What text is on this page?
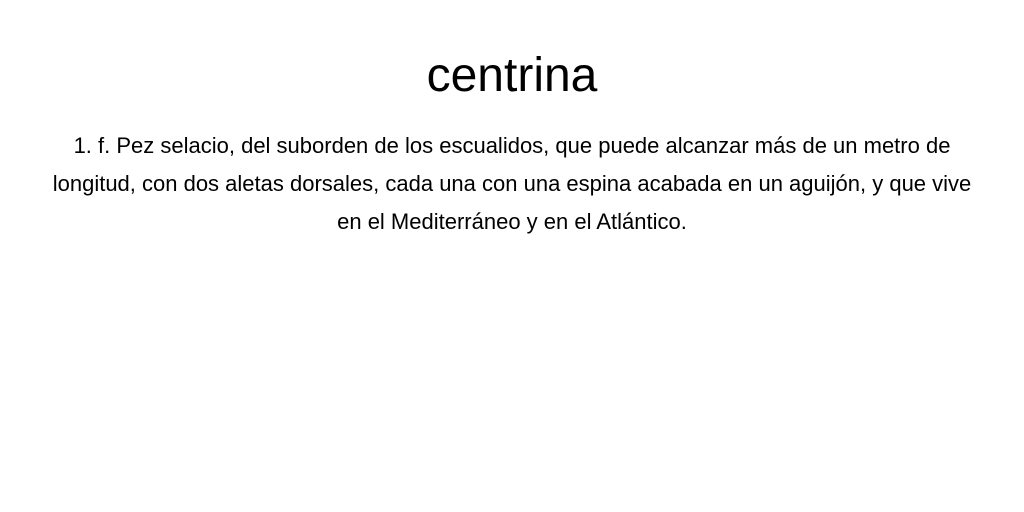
centrina

1. f. Pez selacio, del suborden de los escualidos, que puede alcanzar más de un metro de longitud, con dos aletas dorsales, cada una con una espina acabada en un aguijón, y que vive en el Mediterráneo y en el Atlántico.
